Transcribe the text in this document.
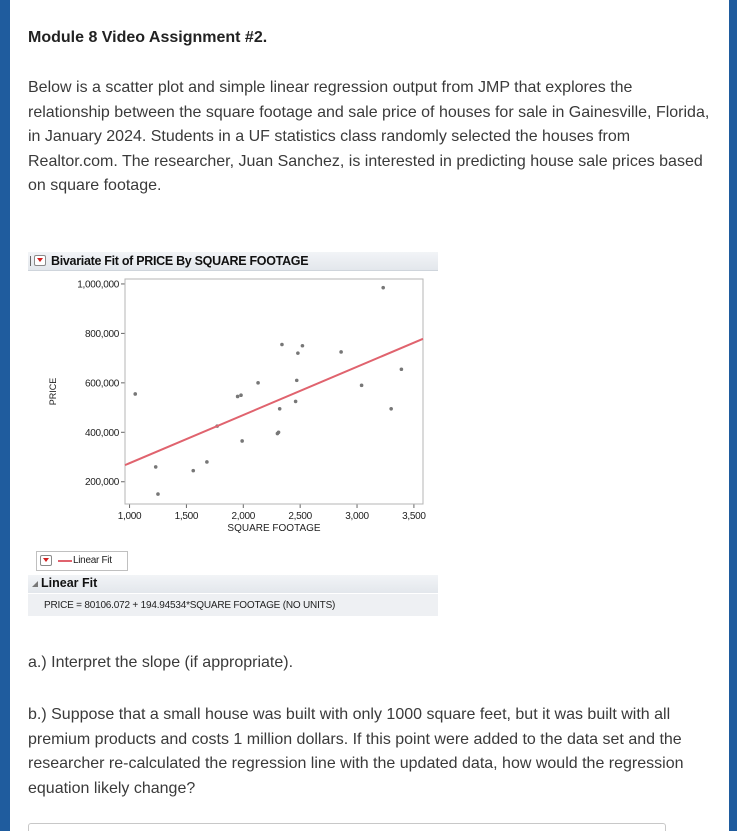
Module 8 Video Assignment #2.
Below is a scatter plot and simple linear regression output from JMP that explores the relationship between the square footage and sale price of houses for sale in Gainesville, Florida, in January 2024. Students in a UF statistics class randomly selected the houses from Realtor.com. The researcher, Juan Sanchez, is interested in predicting house sale prices based on square footage.
Bivariate Fit of PRICE By SQUARE FOOTAGE
200,000
400,000
600,000
800,000
1,000,000
1,000	1,500	2,000	2,500	3,000	3,500
SQUARE FOOTAGE
PRICE
Linear Fit
Linear Fit
PRICE = 80106.072 + 194.94534*SQUARE FOOTAGE (NO UNITS)
a.) Interpret the slope (if appropriate).
b.) Suppose that a small house was built with only 1000 square feet, but it was built with all premium products and costs 1 million dollars. If this point were added to the data set and the researcher re-calculated the regression line with the updated data, how would the regression equation likely change?
